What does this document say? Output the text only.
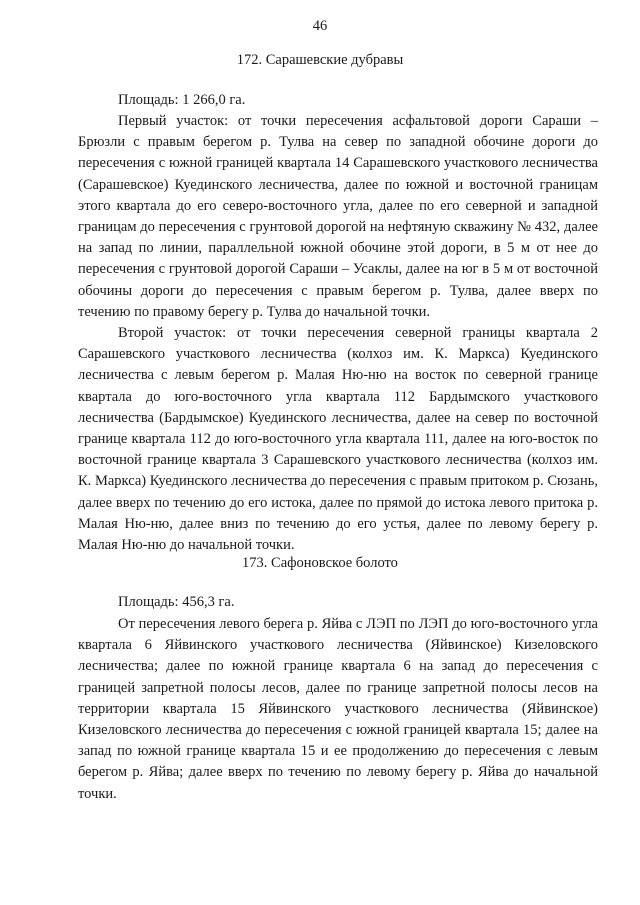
46
172. Сарашевские дубравы
Площадь: 1 266,0 га.

Первый участок: от точки пересечения асфальтовой дороги Сараши – Брюзли с правым берегом р. Тулва на север по западной обочине дороги до пересечения с южной границей квартала 14 Сарашевского участкового лесничества (Сарашевское) Куединского лесничества, далее по южной и восточной границам этого квартала до его северо-восточного угла, далее по его северной и западной границам до пересечения с грунтовой дорогой на нефтяную скважину № 432, далее на запад по линии, параллельной южной обочине этой дороги, в 5 м от нее до пересечения с грунтовой дорогой Сараши – Усаклы, далее на юг в 5 м от восточной обочины дороги до пересечения с правым берегом р. Тулва, далее вверх по течению по правому берегу р. Тулва до начальной точки.

Второй участок: от точки пересечения северной границы квартала 2 Сарашевского участкового лесничества (колхоз им. К. Маркса) Куединского лесничества с левым берегом р. Малая Ню-ню на восток по северной границе квартала до юго-восточного угла квартала 112 Бардымского участкового лесничества (Бардымское) Куединского лесничества, далее на север по восточной границе квартала 112 до юго-восточного угла квартала 111, далее на юго-восток по восточной границе квартала 3 Сарашевского участкового лесничества (колхоз им. К. Маркса) Куединского лесничества до пересечения с правым притоком р. Сюзань, далее вверх по течению до его истока, далее по прямой до истока левого притока р. Малая Ню-ню, далее вниз по течению до его устья, далее по левому берегу р. Малая Ню-ню до начальной точки.

173. Сафоновское болото
Площадь: 456,3 га.

От пересечения левого берега р. Яйва с ЛЭП по ЛЭП до юго-восточного угла квартала 6 Яйвинского участкового лесничества (Яйвинское) Кизеловского лесничества; далее по южной границе квартала 6 на запад до пересечения с границей запретной полосы лесов, далее по границе запретной полосы лесов на территории квартала 15 Яйвинского участкового лесничества (Яйвинское) Кизеловского лесничества до пересечения с южной границей квартала 15; далее на запад по южной границе квартала 15 и ее продолжению до пересечения с левым берегом р. Яйва; далее вверх по течению по левому берегу р. Яйва до начальной точки.
